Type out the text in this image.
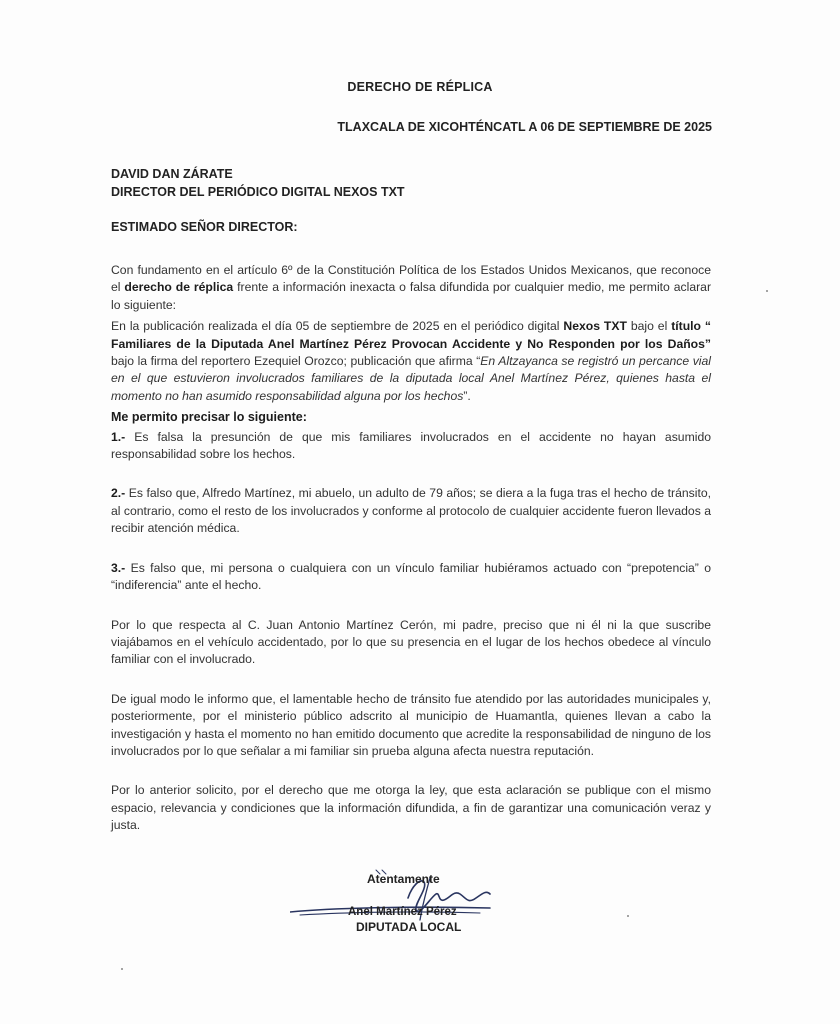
DERECHO DE RÉPLICA
TLAXCALA DE XICOHTÉNCATL A 06 DE SEPTIEMBRE DE 2025
DAVID DAN ZÁRATE
DIRECTOR DEL PERIÓDICO DIGITAL NEXOS TXT
ESTIMADO SEÑOR DIRECTOR:

Con fundamento en el artículo 6º de la Constitución Política de los Estados Unidos Mexicanos, que reconoce el derecho de réplica frente a información inexacta o falsa difundida por cualquier medio, me permito aclarar lo siguiente:

En la publicación realizada el día 05 de septiembre de 2025 en el periódico digital Nexos TXT bajo el título “ Familiares de la Diputada Anel Martínez Pérez Provocan Accidente y No Responden por los Daños” bajo la firma del reportero Ezequiel Orozco; publicación que afirma “En Altzayanca se registró un percance vial en el que estuvieron involucrados familiares de la diputada local Anel Martínez Pérez, quienes hasta el momento no han asumido responsabilidad alguna por los hechos”.

Me permito precisar lo siguiente:

1.- Es falsa la presunción de que mis familiares involucrados en el accidente no hayan asumido responsabilidad sobre los hechos.

2.- Es falso que, Alfredo Martínez, mi abuelo, un adulto de 79 años; se diera a la fuga tras el hecho de tránsito, al contrario, como el resto de los involucrados y conforme al protocolo de cualquier accidente fueron llevados a recibir atención médica.

3.- Es falso que, mi persona o cualquiera con un vínculo familiar hubiéramos actuado con “prepotencia” o “indiferencia” ante el hecho.

Por lo que respecta al C. Juan Antonio Martínez Cerón, mi padre, preciso que ni él ni la que suscribe viajábamos en el vehículo accidentado, por lo que su presencia en el lugar de los hechos obedece al vínculo familiar con el involucrado.

De igual modo le informo que, el lamentable hecho de tránsito fue atendido por las autoridades municipales y, posteriormente, por el ministerio público adscrito al municipio de Huamantla, quienes llevan a cabo la investigación y hasta el momento no han emitido documento que acredite la responsabilidad de ninguno de los involucrados por lo que señalar a mi familiar sin prueba alguna afecta nuestra reputación.

Por lo anterior solicito, por el derecho que me otorga la ley, que esta aclaración se publique con el mismo espacio, relevancia y condiciones que la información difundida, a fin de garantizar una comunicación veraz y justa.

Atentamente
Anel Martínez Pérez
DIPUTADA LOCAL
